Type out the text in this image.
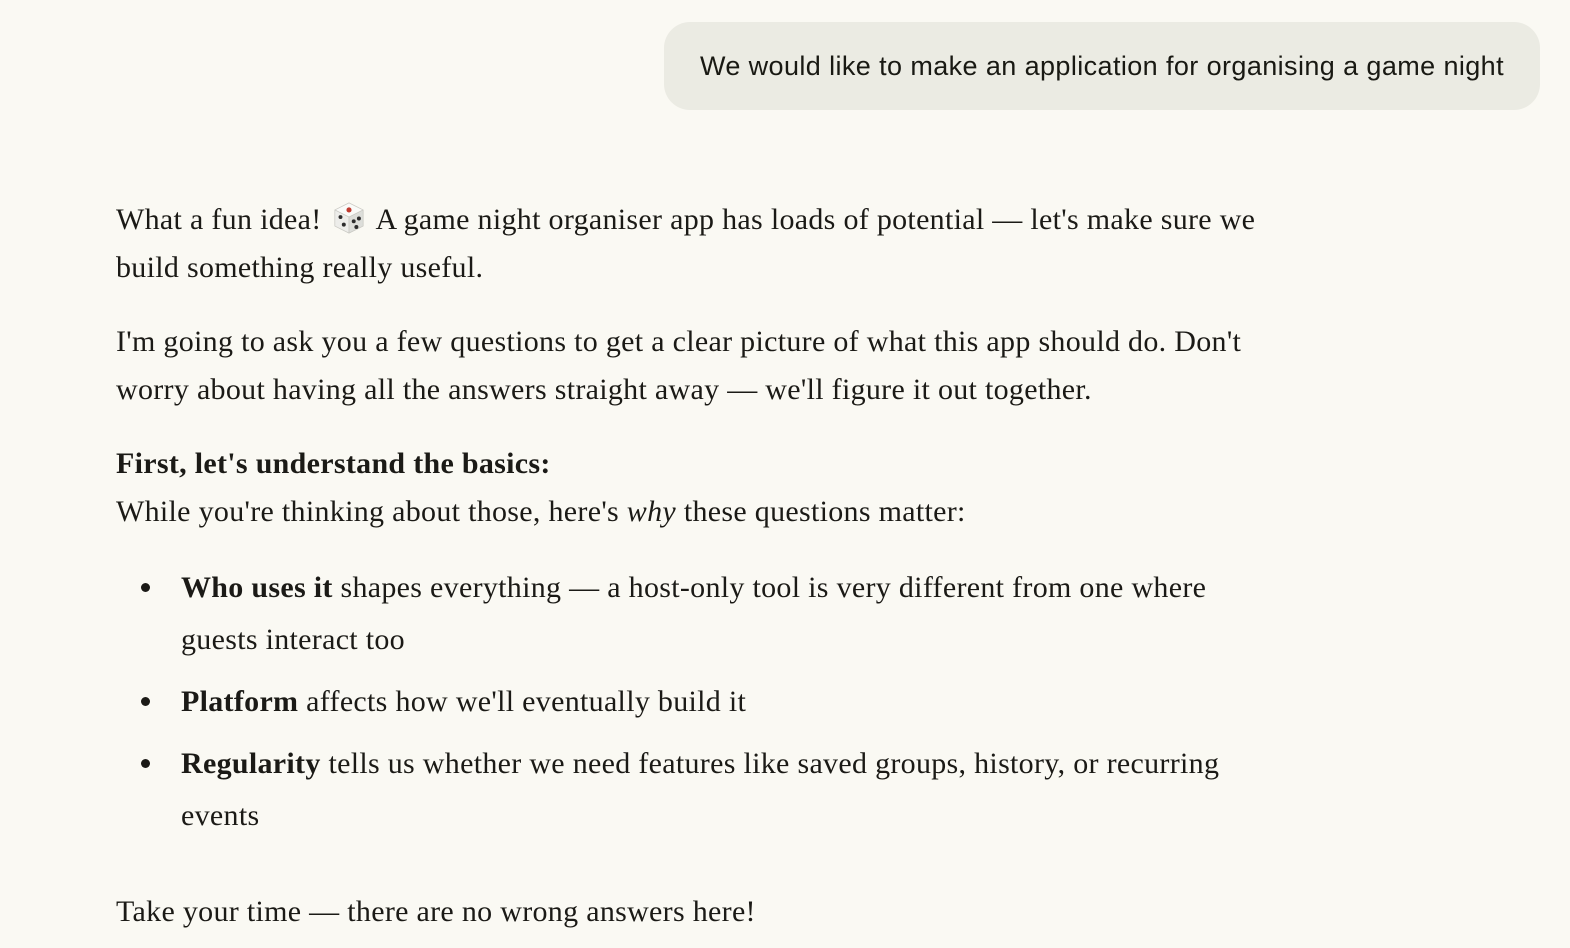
We would like to make an application for organising a game night
What a fun idea!  A game night organiser app has loads of potential — let's make sure we
build something really useful.
I'm going to ask you a few questions to get a clear picture of what this app should do. Don't
worry about having all the answers straight away — we'll figure it out together.
First, let's understand the basics:
While you're thinking about those, here's why these questions matter:
Who uses it shapes everything — a host-only tool is very different from one where
guests interact too
Platform affects how we'll eventually build it
Regularity tells us whether we need features like saved groups, history, or recurring
events
Take your time — there are no wrong answers here!
